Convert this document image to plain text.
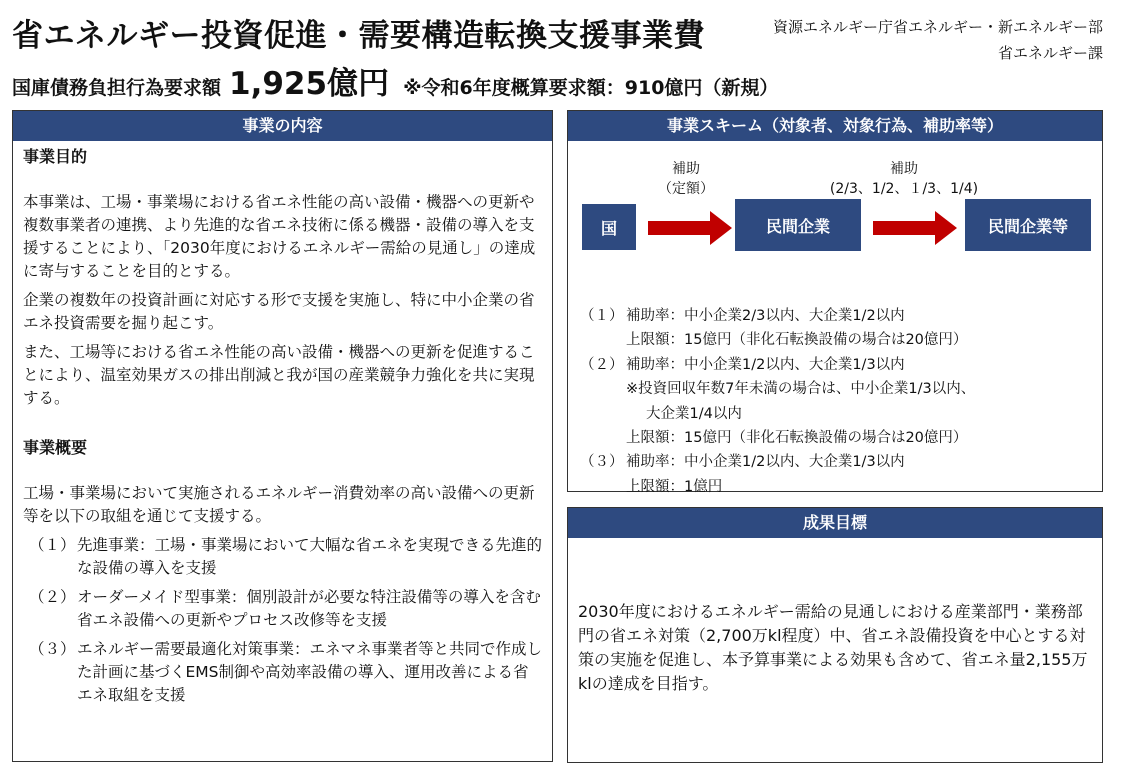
省エネルギー投資促進・需要構造転換支援事業費	資源エネルギー庁省エネルギー・新エネルギー部
省エネルギー課
国庫債務負担行為要求額 1,925億円 ※令和6年度概算要求額：910億円（新規）
事業の内容
事業目的

本事業は、工場・事業場における省エネ性能の高い設備・機器への更新や複数事業者の連携、より先進的な省エネ技術に係る機器・設備の導入を支援することにより、「2030年度におけるエネルギー需給の見通し」の達成に寄与することを目的とする。

企業の複数年の投資計画に対応する形で支援を実施し、特に中小企業の省エネ投資需要を掘り起こす。

また、工場等における省エネ性能の高い設備・機器への更新を促進することにより、温室効果ガスの排出削減と我が国の産業競争力強化を共に実現する。

事業概要

工場・事業場において実施されるエネルギー消費効率の高い設備への更新等を以下の取組を通じて支援する。

（１） 先進事業：工場・事業場において大幅な省エネを実現できる先進的な設備の導入を支援
（２） オーダーメイド型事業：個別設計が必要な特注設備等の導入を含む省エネ設備への更新やプロセス改修等を支援
（３） エネルギー需要最適化対策事業：エネマネ事業者等と共同で作成した計画に基づくEMS制御や高効率設備の導入、運用改善による省エネ取組を支援
事業スキーム（対象者、対象行為、補助率等）
補助
（定額）
補助
(2/3、1/2、１/3、1/4)
国	民間企業	民間企業等
（１） 補助率：中小企業2/3以内、大企業1/2以内
上限額：15億円（非化石転換設備の場合は20億円）
（２） 補助率：中小企業1/2以内、大企業1/3以内
※投資回収年数7年未満の場合は、中小企業1/3以内、
大企業1/4以内
上限額：15億円（非化石転換設備の場合は20億円）
（３） 補助率：中小企業1/2以内、大企業1/3以内
上限額：1億円
成果目標
2030年度におけるエネルギー需給の見通しにおける産業部門・業務部門の省エネ対策（2,700万kl程度）中、省エネ設備投資を中心とする対策の実施を促進し、本予算事業による効果も含めて、省エネ量2,155万klの達成を目指す。
